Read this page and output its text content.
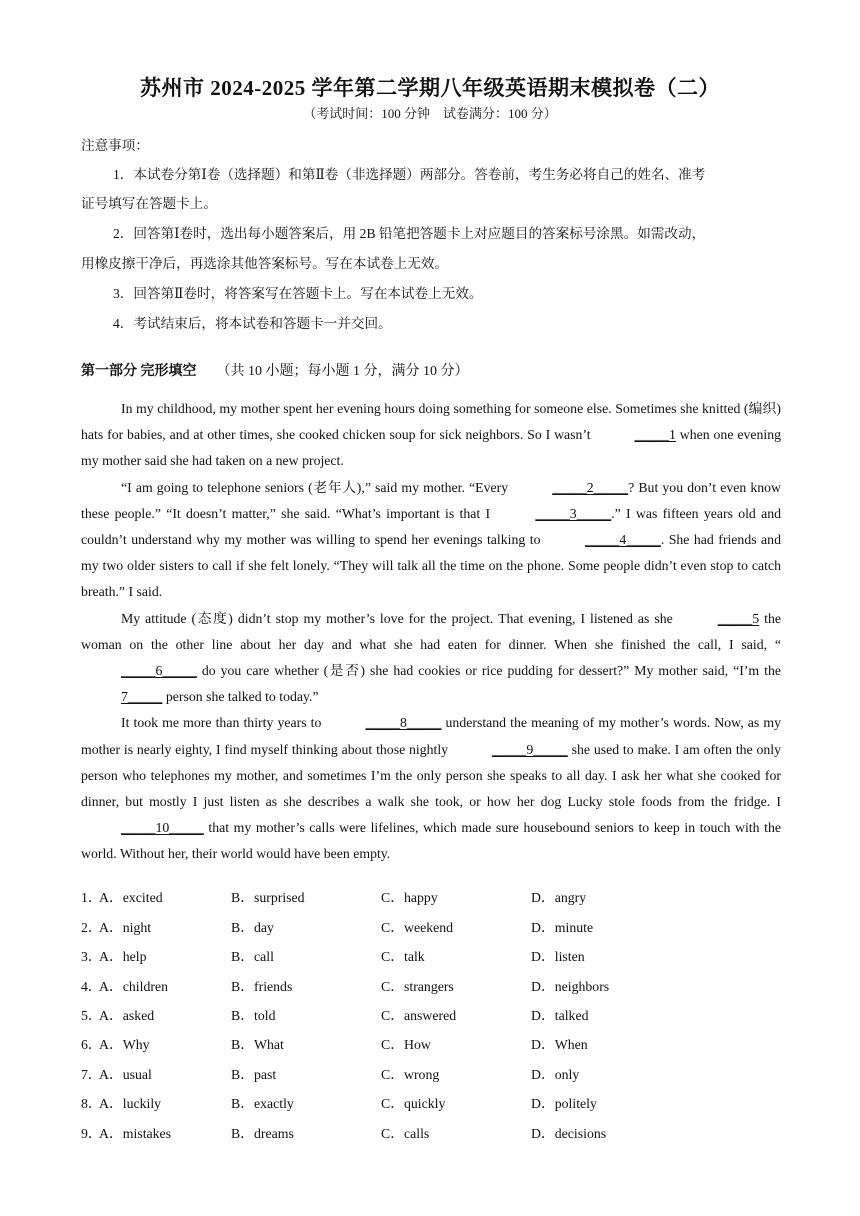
苏州市 2024-2025 学年第二学期八年级英语期末模拟卷（二）
（考试时间：100 分钟　试卷满分：100 分）
注意事项：
1．本试卷分第Ⅰ卷（选择题）和第Ⅱ卷（非选择题）两部分。答卷前，考生务必将自己的姓名、准考
证号填写在答题卡上。
2．回答第Ⅰ卷时，选出每小题答案后，用 2B 铅笔把答题卡上对应题目的答案标号涂黑。如需改动，
用橡皮擦干净后，再选涂其他答案标号。写在本试卷上无效。
3．回答第Ⅱ卷时，将答案写在答题卡上。写在本试卷上无效。
4．考试结束后，将本试卷和答题卡一并交回。
第一部分 完形填空 （共 10 小题；每小题 1 分，满分 10 分）

In my childhood, my mother spent her evening hours doing something for someone else. Sometimes she knitted (编织) hats for babies, and at other times, she cooked chicken soup for sick neighbors. So I wasn’t	_____1 when one evening my mother said she had taken on a new project.

“I am going to telephone seniors (老年人),” said my mother. “Every	_____2_____? But you don’t even know these people.” “It doesn’t matter,” she said. “What’s important is that I	_____3_____.” I was fifteen years old and couldn’t understand why my mother was willing to spend her evenings talking to	_____4_____. She had friends and my two older sisters to call if she felt lonely. “They will talk all the time on the phone. Some people didn’t even stop to catch breath.” I said.

My attitude (态度) didn’t stop my mother’s love for the project. That evening, I listened as she	_____5 the woman on the other line about her day and what she had eaten for dinner. When she finished the call, I said, “_____6_____ do you care whether (是否) she had cookies or rice pudding for dessert?” My mother said, “I’m the 7_____ person she talked to today.”

It took me more than thirty years to	_____8_____ understand the meaning of my mother’s words. Now, as my mother is nearly eighty, I find myself thinking about those nightly	_____9_____ she used to make. I am often the only person who telephones my mother, and sometimes I’m the only person she speaks to all day. I ask her what she cooked for dinner, but mostly I just listen as she describes a walk she took, or how her dog Lucky stole foods from the fridge. I _____10_____ that my mother’s calls were lifelines, which made sure housebound seniors to keep in touch with the world. Without her, their world would have been empty.

1．
A．excited	B．surprised	C．happy	D．angry
2．
A．night	B．day	C．weekend	D．minute
3．
A．help	B．call	C．talk	D．listen
4．
A．children	B．friends	C．strangers	D．neighbors
5．
A．asked	B．told	C．answered	D．talked
6．
A．Why	B．What	C．How	D．When
7．
A．usual	B．past	C．wrong	D．only
8．
A．luckily	B．exactly	C．quickly	D．politely
9．
A．mistakes	B．dreams	C．calls	D．decisions
